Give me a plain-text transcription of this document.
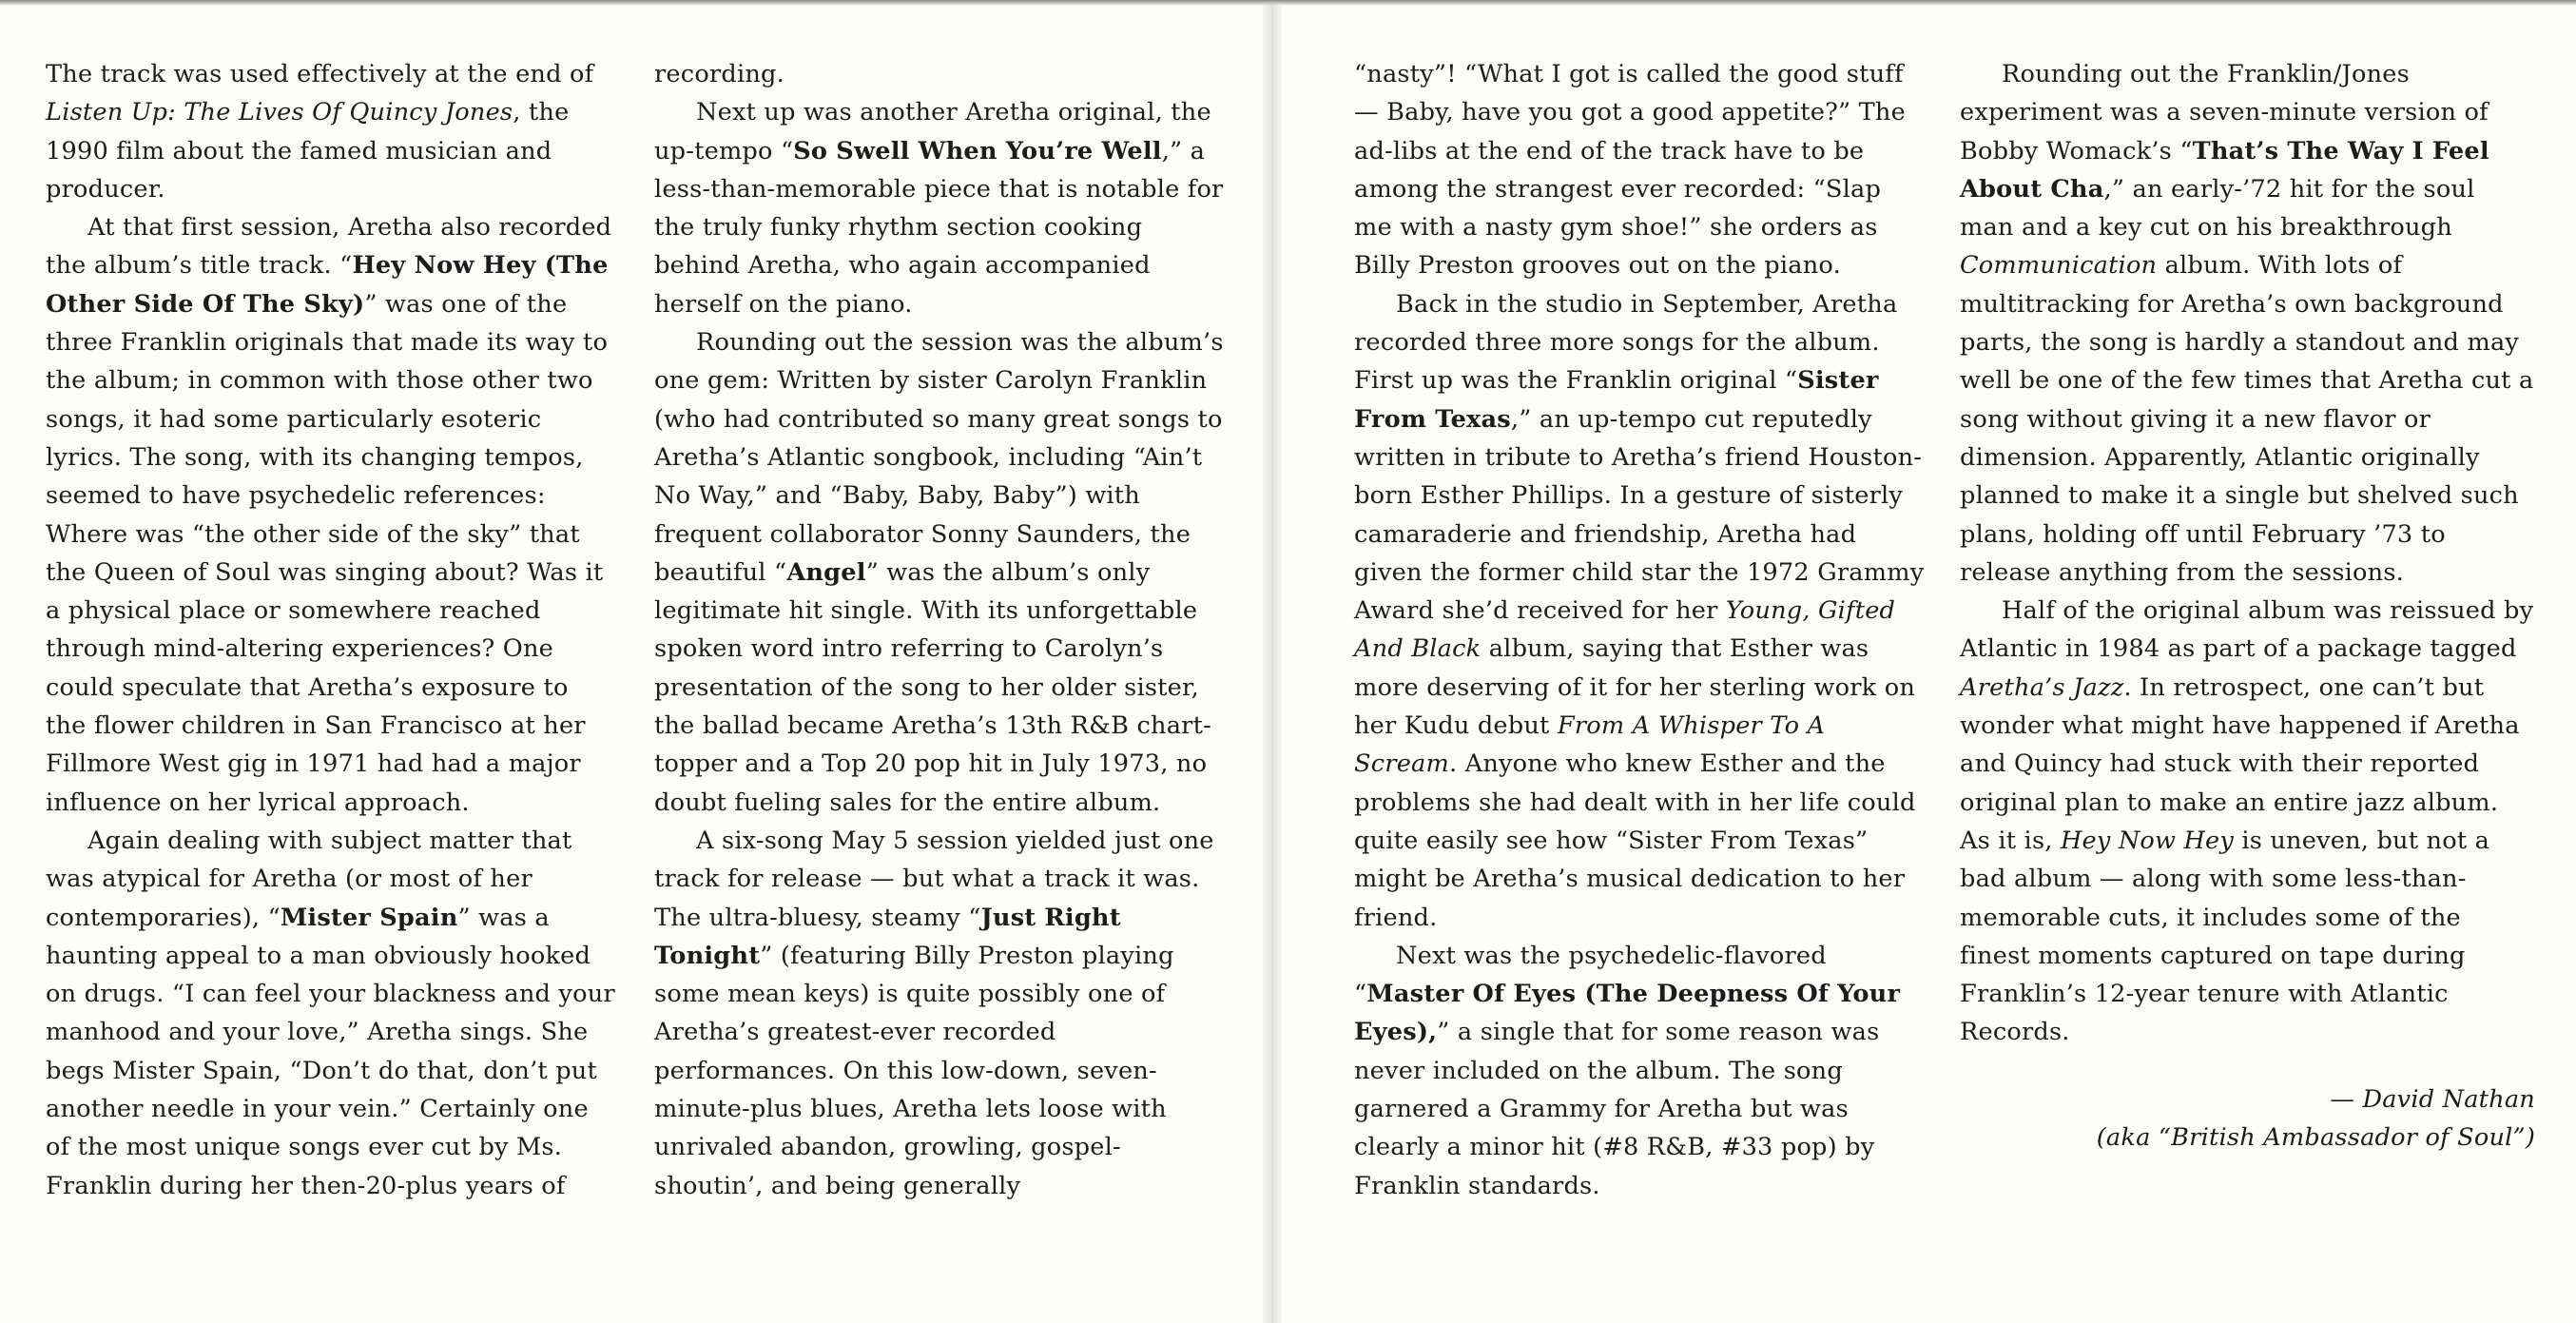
The track was used effectively at the end of Listen Up: The Lives Of Quincy Jones, the 1990 film about the famed musician and producer.

At that first session, Aretha also recorded the album’s title track. “Hey Now Hey (The Other Side Of The Sky)” was one of the three Franklin originals that made its way to the album; in common with those other two songs, it had some particularly esoteric lyrics. The song, with its changing tempos, seemed to have psychedelic references: Where was “the other side of the sky” that the Queen of Soul was singing about? Was it a physical place or somewhere reached through mind-altering experiences? One could speculate that Aretha’s exposure to the flower children in San Francisco at her Fillmore West gig in 1971 had had a major influence on her lyrical approach.

Again dealing with subject matter that was atypical for Aretha (or most of her contemporaries), “Mister Spain” was a haunting appeal to a man obviously hooked on drugs. “I can feel your blackness and your manhood and your love,” Aretha sings. She begs Mister Spain, “Don’t do that, don’t put another needle in your vein.” Certainly one of the most unique songs ever cut by Ms. Franklin during her then-20-plus years of

recording.

Next up was another Aretha original, the up-tempo “So Swell When You’re Well,” a less-than-memorable piece that is notable for the truly funky rhythm section cooking behind Aretha, who again accompanied herself on the piano.

Rounding out the session was the album’s one gem: Written by sister Carolyn Franklin (who had contributed so many great songs to Aretha’s Atlantic songbook, including “Ain’t No Way,” and “Baby, Baby, Baby”) with frequent collaborator Sonny Saunders, the beautiful “Angel” was the album’s only legitimate hit single. With its unforgettable spoken word intro referring to Carolyn’s presentation of the song to her older sister, the ballad became Aretha’s 13th R&B chart-topper and a Top 20 pop hit in July 1973, no doubt fueling sales for the entire album.

A six-song May 5 session yielded just one track for release — but what a track it was. The ultra-bluesy, steamy “Just Right Tonight” (featuring Billy Preston playing some mean keys) is quite possibly one of Aretha’s greatest-ever recorded performances. On this low-down, seven-minute-plus blues, Aretha lets loose with unrivaled abandon, growling, gospel-shoutin’, and being generally

“nasty”! “What I got is called the good stuff — Baby, have you got a good appetite?” The ad-libs at the end of the track have to be among the strangest ever recorded: “Slap me with a nasty gym shoe!” she orders as Billy Preston grooves out on the piano.

Back in the studio in September, Aretha recorded three more songs for the album. First up was the Franklin original “Sister From Texas,” an up-tempo cut reputedly written in tribute to Aretha’s friend Houston-born Esther Phillips. In a gesture of sisterly camaraderie and friendship, Aretha had given the former child star the 1972 Grammy Award she’d received for her Young, Gifted And Black album, saying that Esther was more deserving of it for her sterling work on her Kudu debut From A Whisper To A Scream. Anyone who knew Esther and the problems she had dealt with in her life could quite easily see how “Sister From Texas” might be Aretha’s musical dedication to her friend.

Next was the psychedelic-flavored “Master Of Eyes (The Deepness Of Your Eyes),” a single that for some reason was never included on the album. The song garnered a Grammy for Aretha but was clearly a minor hit (#8 R&B, #33 pop) by Franklin standards.

Rounding out the Franklin/Jones experiment was a seven-minute version of Bobby Womack’s “That’s The Way I Feel About Cha,” an early-’72 hit for the soul man and a key cut on his breakthrough Communication album. With lots of multitracking for Aretha’s own background parts, the song is hardly a standout and may well be one of the few times that Aretha cut a song without giving it a new flavor or dimension. Apparently, Atlantic originally planned to make it a single but shelved such plans, holding off until February ’73 to release anything from the sessions.

Half of the original album was reissued by Atlantic in 1984 as part of a package tagged Aretha’s Jazz. In retrospect, one can’t but wonder what might have happened if Aretha and Quincy had stuck with their reported original plan to make an entire jazz album. As it is, Hey Now Hey is uneven, but not a bad album — along with some less-than-memorable cuts, it includes some of the finest moments captured on tape during Franklin’s 12-year tenure with Atlantic Records.

— David Nathan
(aka “British Ambassador of Soul”)
